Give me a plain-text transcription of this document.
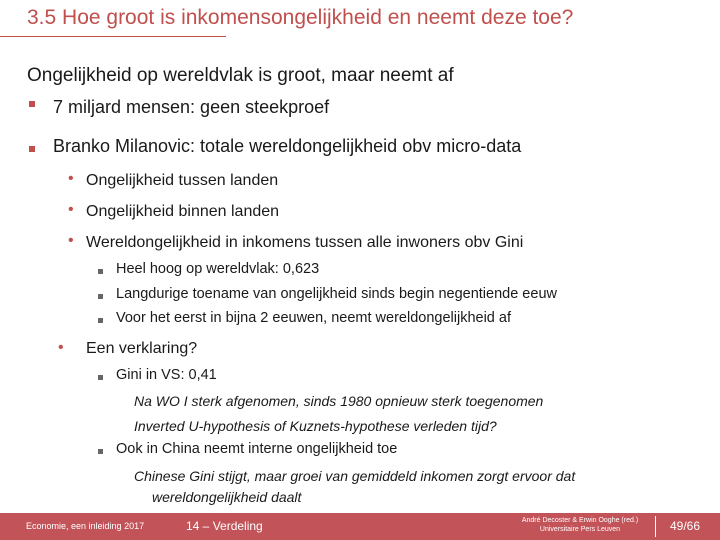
3.5 Hoe groot is inkomensongelijkheid en neemt deze toe?
Ongelijkheid op wereldvlak is groot, maar neemt af
7 miljard mensen: geen steekproef
Branko Milanovic: totale wereldongelijkheid obv micro-data
• Ongelijkheid tussen landen
• Ongelijkheid binnen landen
• Wereldongelijkheid in inkomens tussen alle inwoners obv Gini
Heel hoog op wereldvlak: 0,623
Langdurige toename van ongelijkheid sinds begin negentiende eeuw
Voor het eerst in bijna 2 eeuwen, neemt wereldongelijkheid af
• Een verklaring?
Gini in VS: 0,41
Na WO I sterk afgenomen, sinds 1980 opnieuw sterk toegenomen
Inverted U-hypothesis of Kuznets-hypothese verleden tijd?
Ook in China neemt interne ongelijkheid toe
Chinese Gini stijgt, maar groei van gemiddeld inkomen zorgt ervoor dat
wereldongelijkheid daalt
Economie, een inleiding 2017	14 – Verdeling	André Decoster & Erwin Ooghe (red.)
Universitaire Pers Leuven	49/66
